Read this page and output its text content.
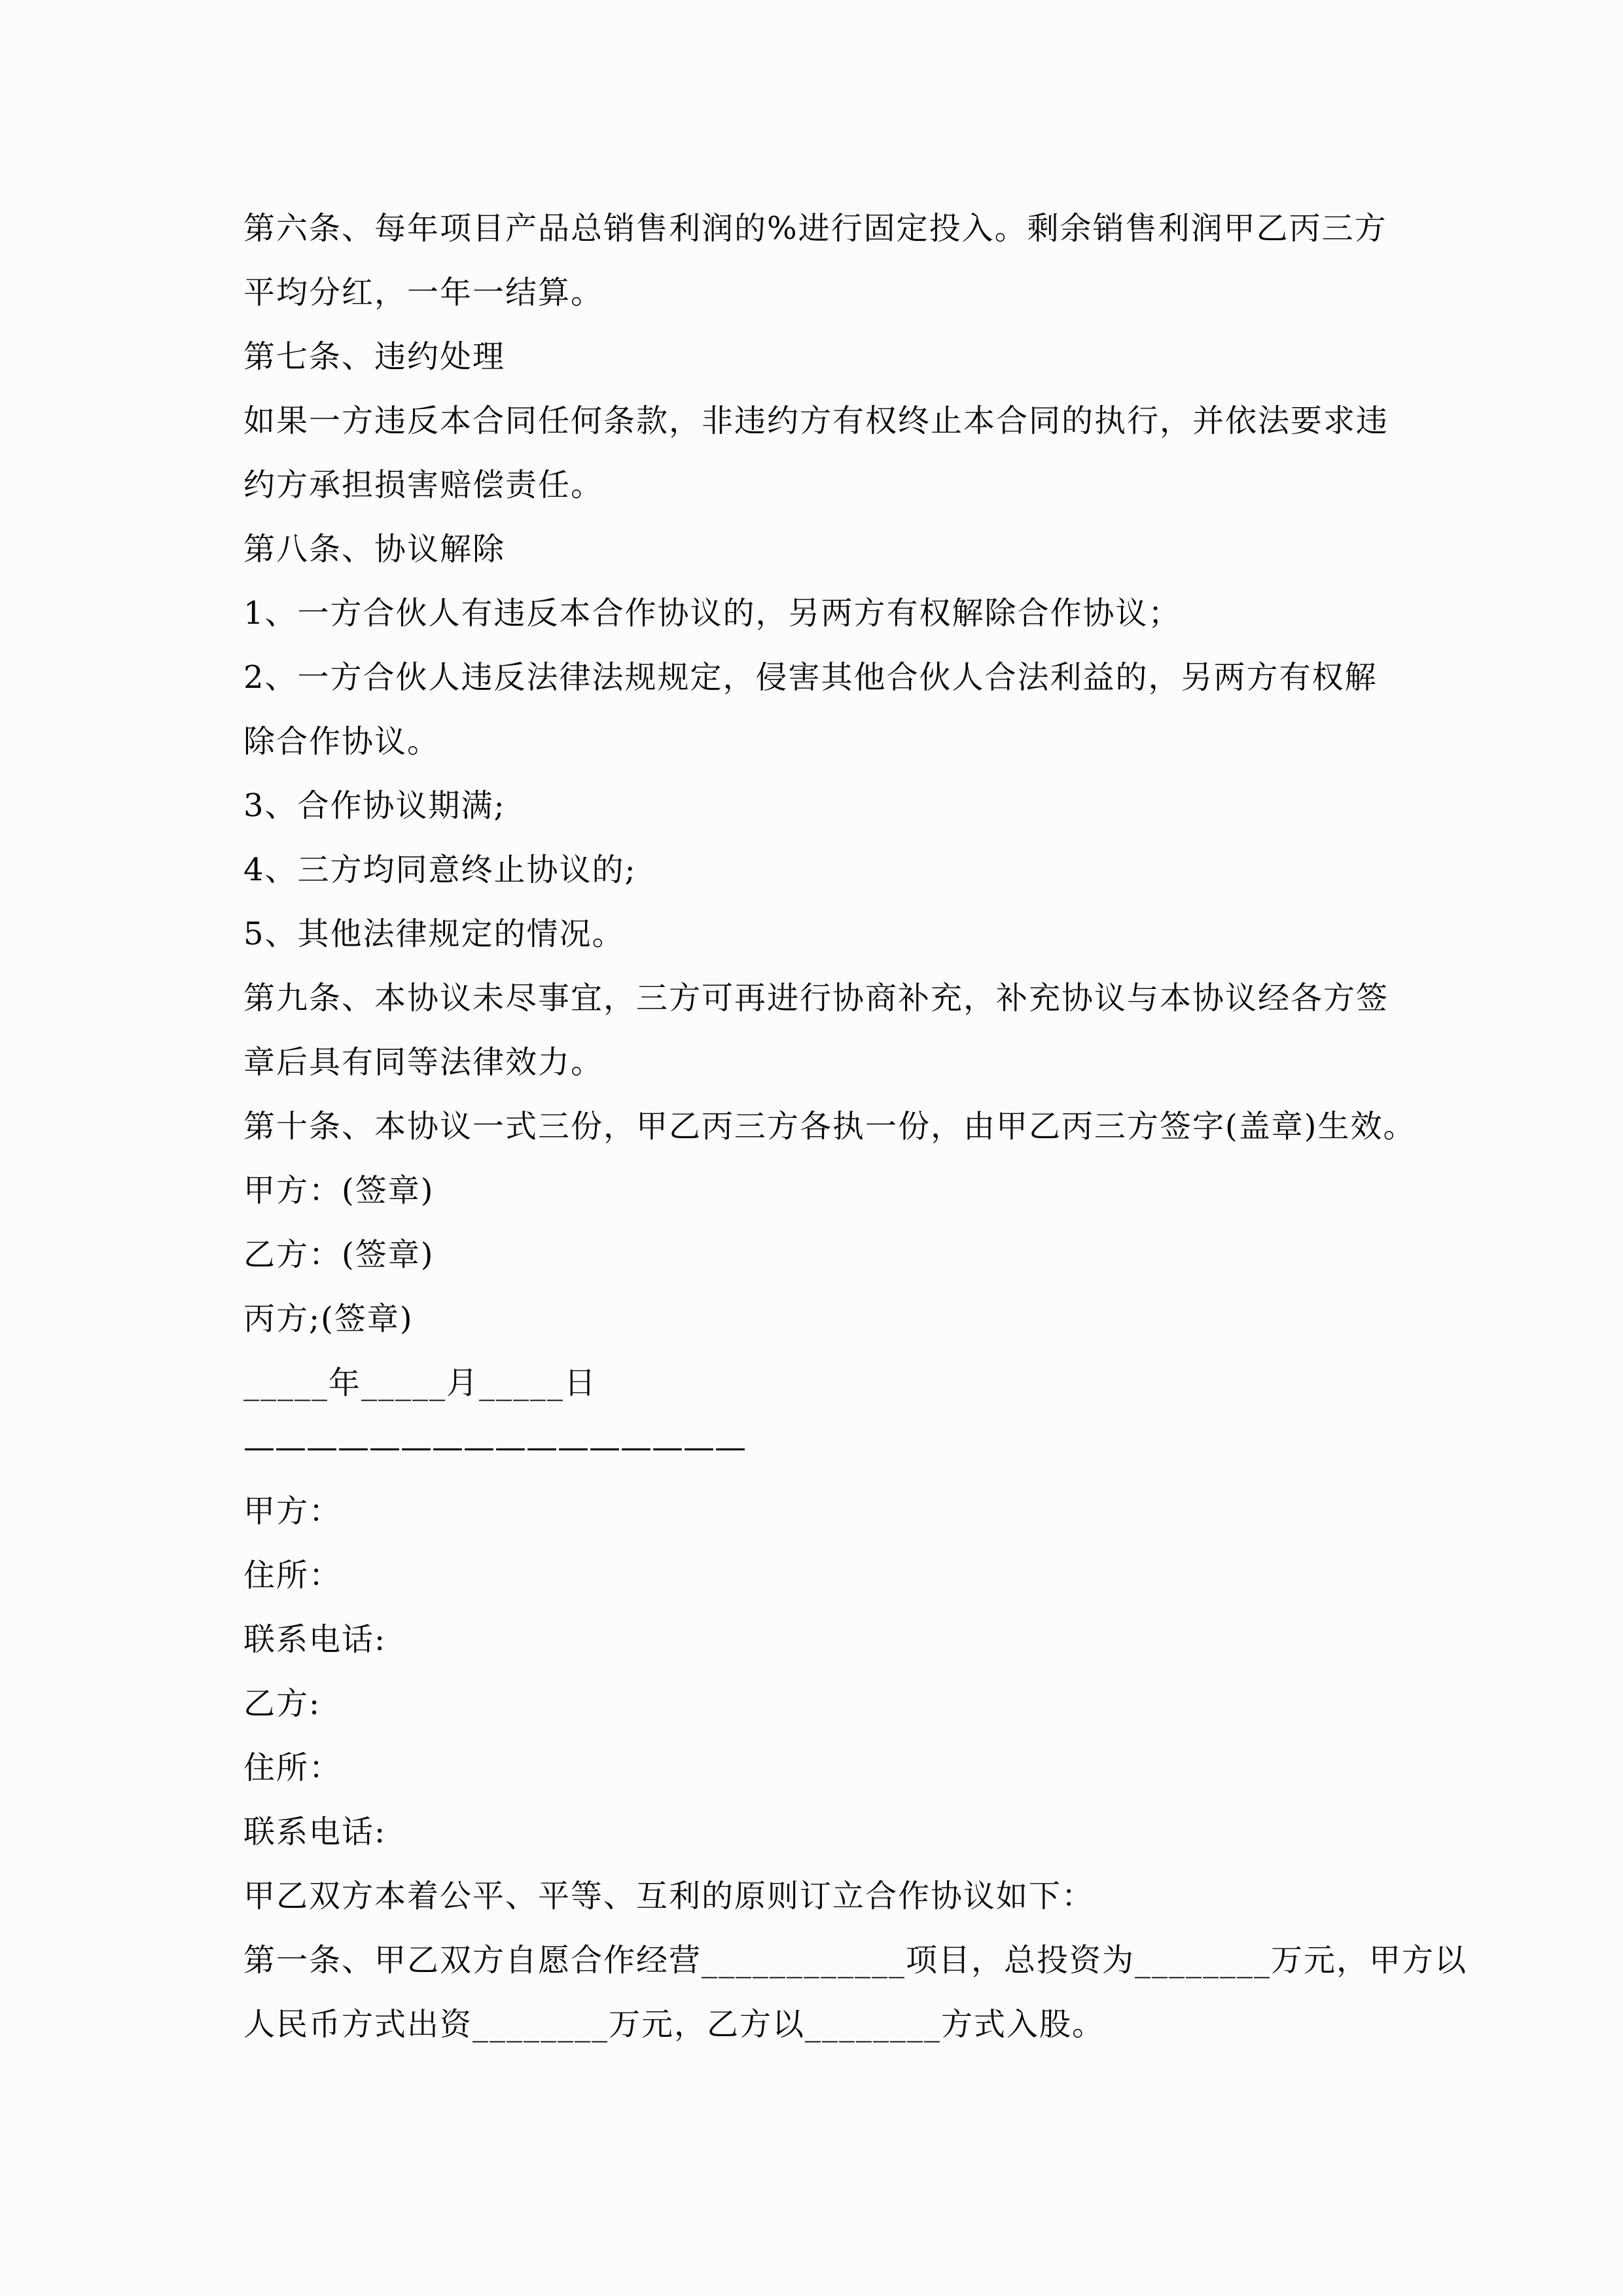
第六条、每年项目产品总销售利润的%进行固定投入。剩余销售利润甲乙丙三方

平均分红，一年一结算。

第七条、违约处理

如果一方违反本合同任何条款，非违约方有权终止本合同的执行，并依法要求违

约方承担损害赔偿责任。

第八条、协议解除

1、一方合伙人有违反本合作协议的，另两方有权解除合作协议；

2、一方合伙人违反法律法规规定，侵害其他合伙人合法利益的，另两方有权解

除合作协议。

3、合作协议期满;

4、三方均同意终止协议的;

5、其他法律规定的情况。

第九条、本协议未尽事宜，三方可再进行协商补充，补充协议与本协议经各方签

章后具有同等法律效力。

第十条、本协议一式三份，甲乙丙三方各执一份，由甲乙丙三方签字(盖章)生效。

甲方：(签章)

乙方：(签章)

丙方;(签章)

_____年_____月_____日

————————————————

甲方：

住所：

联系电话:

乙方:

住所：

联系电话:

甲乙双方本着公平、平等、互利的原则订立合作协议如下：

第一条、甲乙双方自愿合作经营____________项目，总投资为________万元，甲方以

人民币方式出资________万元，乙方以________方式入股。
